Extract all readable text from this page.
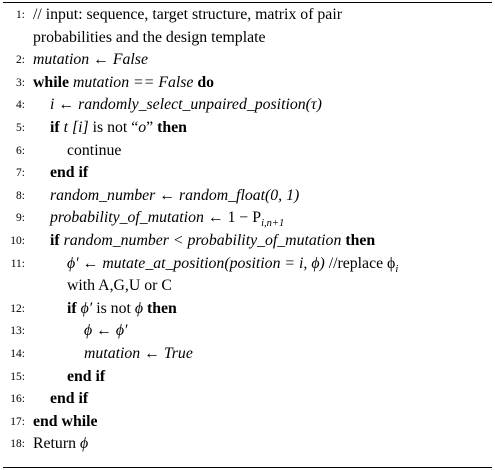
1: // input: sequence, target structure, matrix of pair
probabilities and the design template
2: mutation ← False
3: while mutation == False do
4: i ← randomly_select_unpaired_position(τ)
5: if t [i] is not “o” then
6:	continue
7: end if
8: random_number ← random_float(0, 1)
9: probability_of_mutation ← $1 - P_{i,n+1}$
10: if random_number < probability_of_mutation then
11:	ϕ′ ← mutate_at_position(position = i, ϕ) //replace $\phi_i$
with A,G,U or C
12:	if ϕ′ is not ϕ then
13:	ϕ ← ϕ′
14:	mutation ← True
15:	end if
16: end if
17: end while
18: Return ϕ
